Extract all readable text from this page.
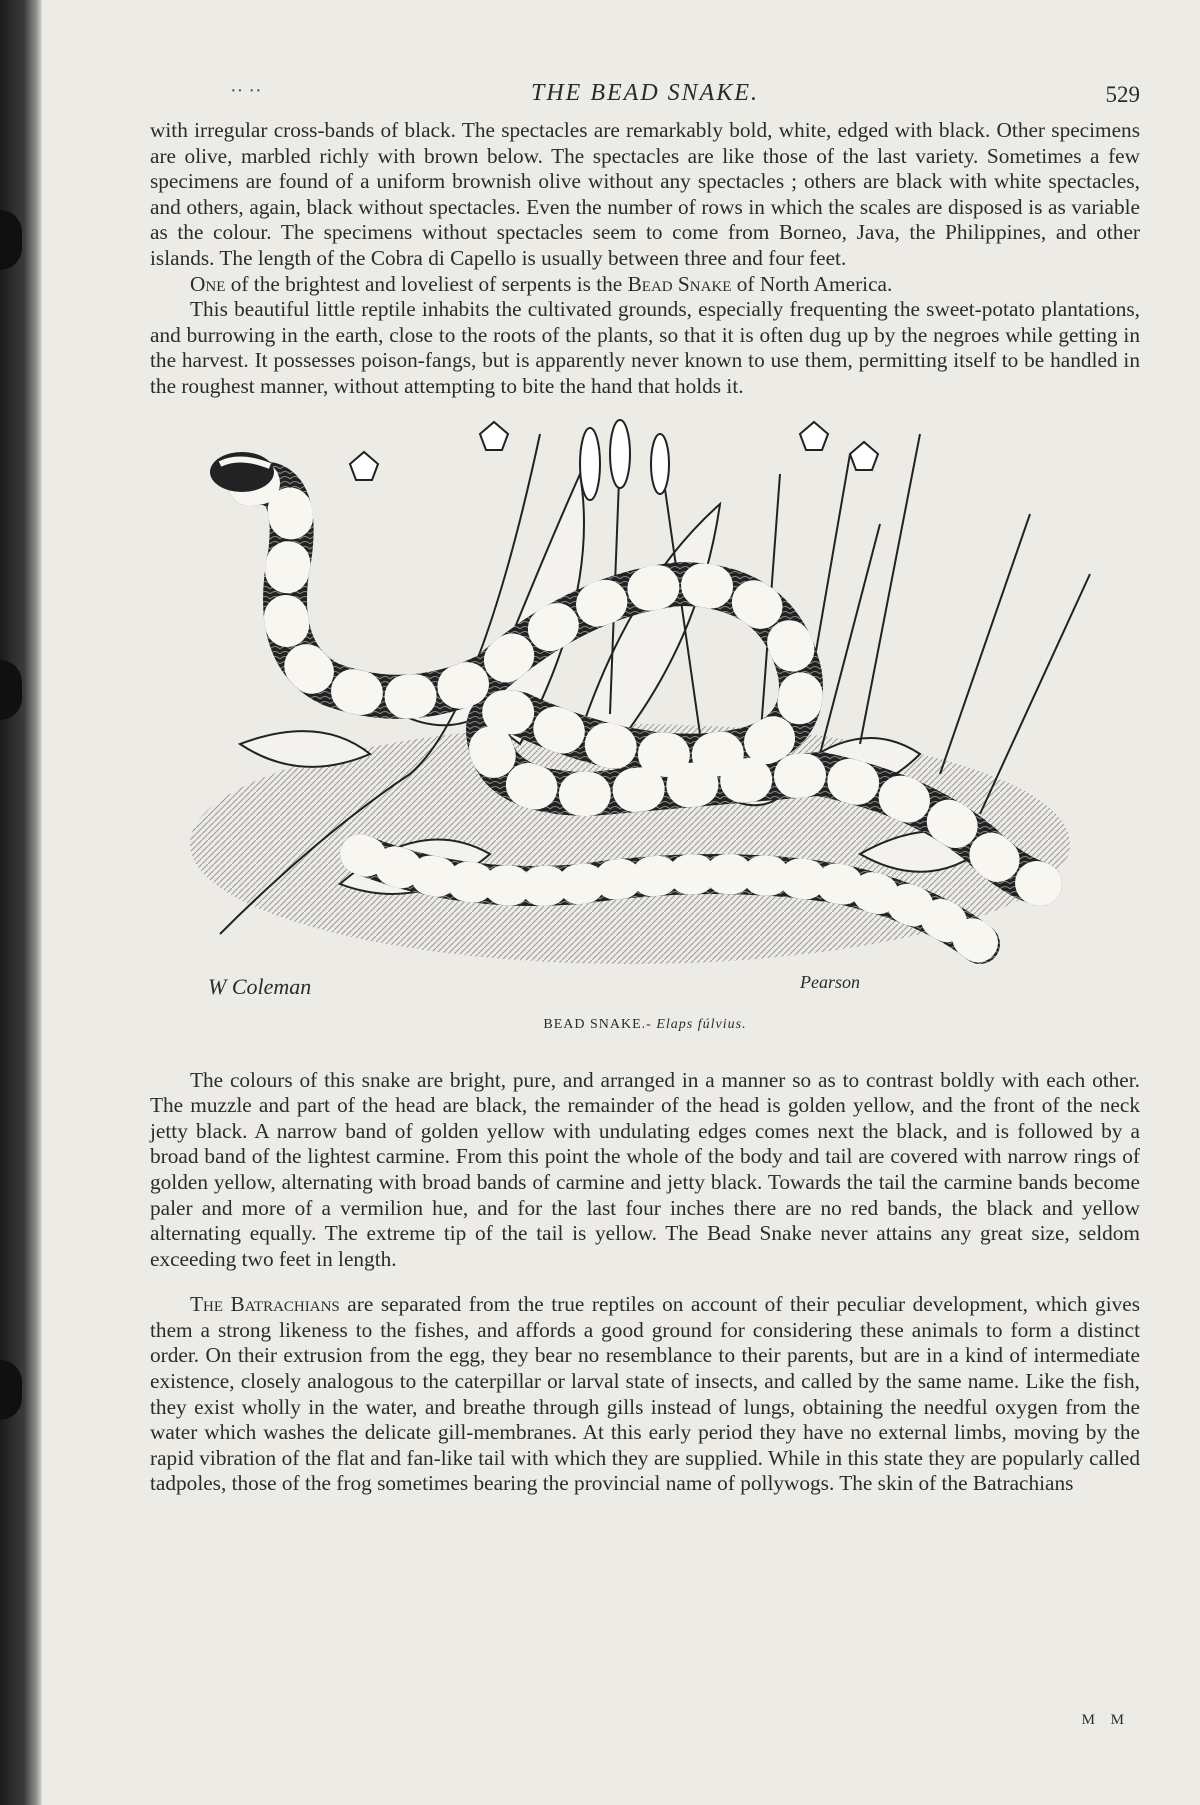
·· ··	THE BEAD SNAKE.	529

with irregular cross-bands of black. The spectacles are remarkably bold, white, edged with black. Other specimens are olive, marbled richly with brown below. The spectacles are like those of the last variety. Sometimes a few specimens are found of a uniform brownish olive without any spectacles ; others are black with white spectacles, and others, again, black without spectacles. Even the number of rows in which the scales are disposed is as variable as the colour. The specimens without spectacles seem to come from Borneo, Java, the Philippines, and other islands. The length of the Cobra di Capello is usually between three and four feet.

One of the brightest and loveliest of serpents is the Bead Snake of North America.

This beautiful little reptile inhabits the cultivated grounds, especially frequenting the sweet-potato plantations, and burrowing in the earth, close to the roots of the plants, so that it is often dug up by the negroes while getting in the harvest. It possesses poison-fangs, but is apparently never known to use them, permitting itself to be handled in the roughest manner, without attempting to bite the hand that holds it.

W Coleman	Pearson
BEAD SNAKE.- Elaps fúlvius.

The colours of this snake are bright, pure, and arranged in a manner so as to contrast boldly with each other. The muzzle and part of the head are black, the remainder of the head is golden yellow, and the front of the neck jetty black. A narrow band of golden yellow with undulating edges comes next the black, and is followed by a broad band of the lightest carmine. From this point the whole of the body and tail are covered with narrow rings of golden yellow, alternating with broad bands of carmine and jetty black. Towards the tail the carmine bands become paler and more of a vermilion hue, and for the last four inches there are no red bands, the black and yellow alternating equally. The extreme tip of the tail is yellow. The Bead Snake never attains any great size, seldom exceeding two feet in length.

The Batrachians are separated from the true reptiles on account of their peculiar development, which gives them a strong likeness to the fishes, and affords a good ground for considering these animals to form a distinct order. On their extrusion from the egg, they bear no resemblance to their parents, but are in a kind of intermediate existence, closely analogous to the caterpillar or larval state of insects, and called by the same name. Like the fish, they exist wholly in the water, and breathe through gills instead of lungs, obtaining the needful oxygen from the water which washes the delicate gill-membranes. At this early period they have no external limbs, moving by the rapid vibration of the flat and fan-like tail with which they are supplied. While in this state they are popularly called tadpoles, those of the frog sometimes bearing the provincial name of pollywogs. The skin of the Batrachians

M M
